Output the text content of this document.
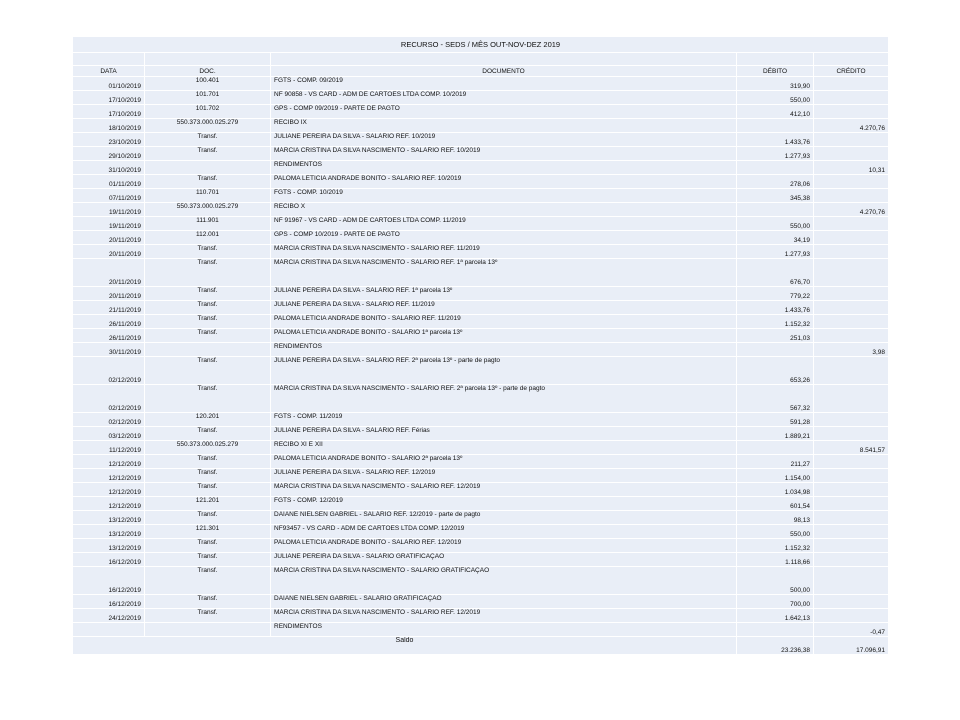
RECURSO - SEDS / MÊS OUT-NOV-DEZ 2019				

DATA	DOC.	DOCUMENTO	DÉBITO	CRÉDITO
01/10/2019	100.401	FGTS - COMP. 09/2019	319,90	
17/10/2019	101.701	NF 90858 - VS CARD - ADM DE CARTÕES LTDA COMP. 10/2019	550,00	
17/10/2019	101.702	GPS - COMP 09/2019 - PARTE DE PAGTO	412,10	
18/10/2019	550.373.000.025.279	RECIBO IX		4.270,76
23/10/2019	Transf.	JULIANE PEREIRA DA SILVA - SALÁRIO REF. 10/2019	1.433,76	
29/10/2019	Transf.	MÁRCIA CRISTINA DA SILVA NASCIMENTO - SALÁRIO REF. 10/2019	1.277,93	
31/10/2019		RENDIMENTOS		10,31
01/11/2019	Transf.	PALOMA LETICIA ANDRADE BONITO - SALÁRIO REF. 10/2019	278,06	
07/11/2019	110.701	FGTS - COMP. 10/2019	345,38	
19/11/2019	550.373.000.025.279	RECIBO X		4.270,76
19/11/2019	111.901	NF 91967 - VS CARD - ADM DE CARTÕES LTDA COMP. 11/2019	550,00	
20/11/2019	112.001	GPS - COMP 10/2019 - PARTE DE PAGTO	34,19	
20/11/2019	Transf.	MÁRCIA CRISTINA DA SILVA NASCIMENTO - SALÁRIO REF. 11/2019	1.277,93	
20/11/2019	Transf.	MÁRCIA CRISTINA DA SILVA NASCIMENTO - SALÁRIO REF. 1ª parcela 13º	676,70	
20/11/2019	Transf.	JULIANE PEREIRA DA SILVA - SALÁRIO REF. 1ª parcela 13º	779,22	
21/11/2019	Transf.	JULIANE PEREIRA DA SILVA - SALÁRIO REF. 11/2019	1.433,76	
26/11/2019	Transf.	PALOMA LETICIA ANDRADE BONITO - SALÁRIO REF. 11/2019	1.152,32	
26/11/2019	Transf.	PALOMA LETICIA ANDRADE BONITO - SALÁRIO 1ª parcela 13º	251,03	
30/11/2019		RENDIMENTOS		3,98
02/12/2019	Transf.	JULIANE PEREIRA DA SILVA - SALÁRIO REF. 2ª parcela 13º - parte de pagto	653,26	
02/12/2019	Transf.	MÁRCIA CRISTINA DA SILVA NASCIMENTO - SALÁRIO REF. 2ª parcela 13º - parte de pagto	567,32	
02/12/2019	120.201	FGTS - COMP. 11/2019	591,28	
03/12/2019	Transf.	JULIANE PEREIRA DA SILVA - SALÁRIO REF. Férias	1.889,21	
11/12/2019	550.373.000.025.279	RECIBO XI E XII		8.541,57
12/12/2019	Transf.	PALOMA LETICIA ANDRADE BONITO - SALÁRIO 2ª parcela 13º	211,27	
12/12/2019	Transf.	JULIANE PEREIRA DA SILVA - SALÁRIO REF. 12/2019	1.154,00	
12/12/2019	Transf.	MÁRCIA CRISTINA DA SILVA NASCIMENTO - SALÁRIO REF. 12/2019	1.034,98	
12/12/2019	121.201	FGTS - COMP. 12/2019	601,54	
13/12/2019	Transf.	DAIANE NIELSEN GABRIEL - SALÁRIO REF. 12/2019 - parte de pagto	98,13	
13/12/2019	121.301	NF93457 - VS CARD - ADM DE CARTÕES LTDA COMP. 12/2019	550,00	
13/12/2019	Transf.	PALOMA LETICIA ANDRADE BONITO - SALÁRIO REF. 12/2019	1.152,32	
16/12/2019	Transf.	JULIANE PEREIRA DA SILVA - SALÁRIO GRATIFICAÇÃO	1.118,66	
16/12/2019	Transf.	MÁRCIA CRISTINA DA SILVA NASCIMENTO - SALÁRIO GRATIFICAÇÃO	500,00	
16/12/2019	Transf.	DAIANE NIELSEN GABRIEL - SALÁRIO GRATIFICAÇÃO	700,00	
24/12/2019	Transf.	MÁRCIA CRISTINA DA SILVA NASCIMENTO - SALÁRIO REF. 12/2019	1.642,13	
		RENDIMENTOS		-0,47
Saldo			23.236,38	17.096,91
